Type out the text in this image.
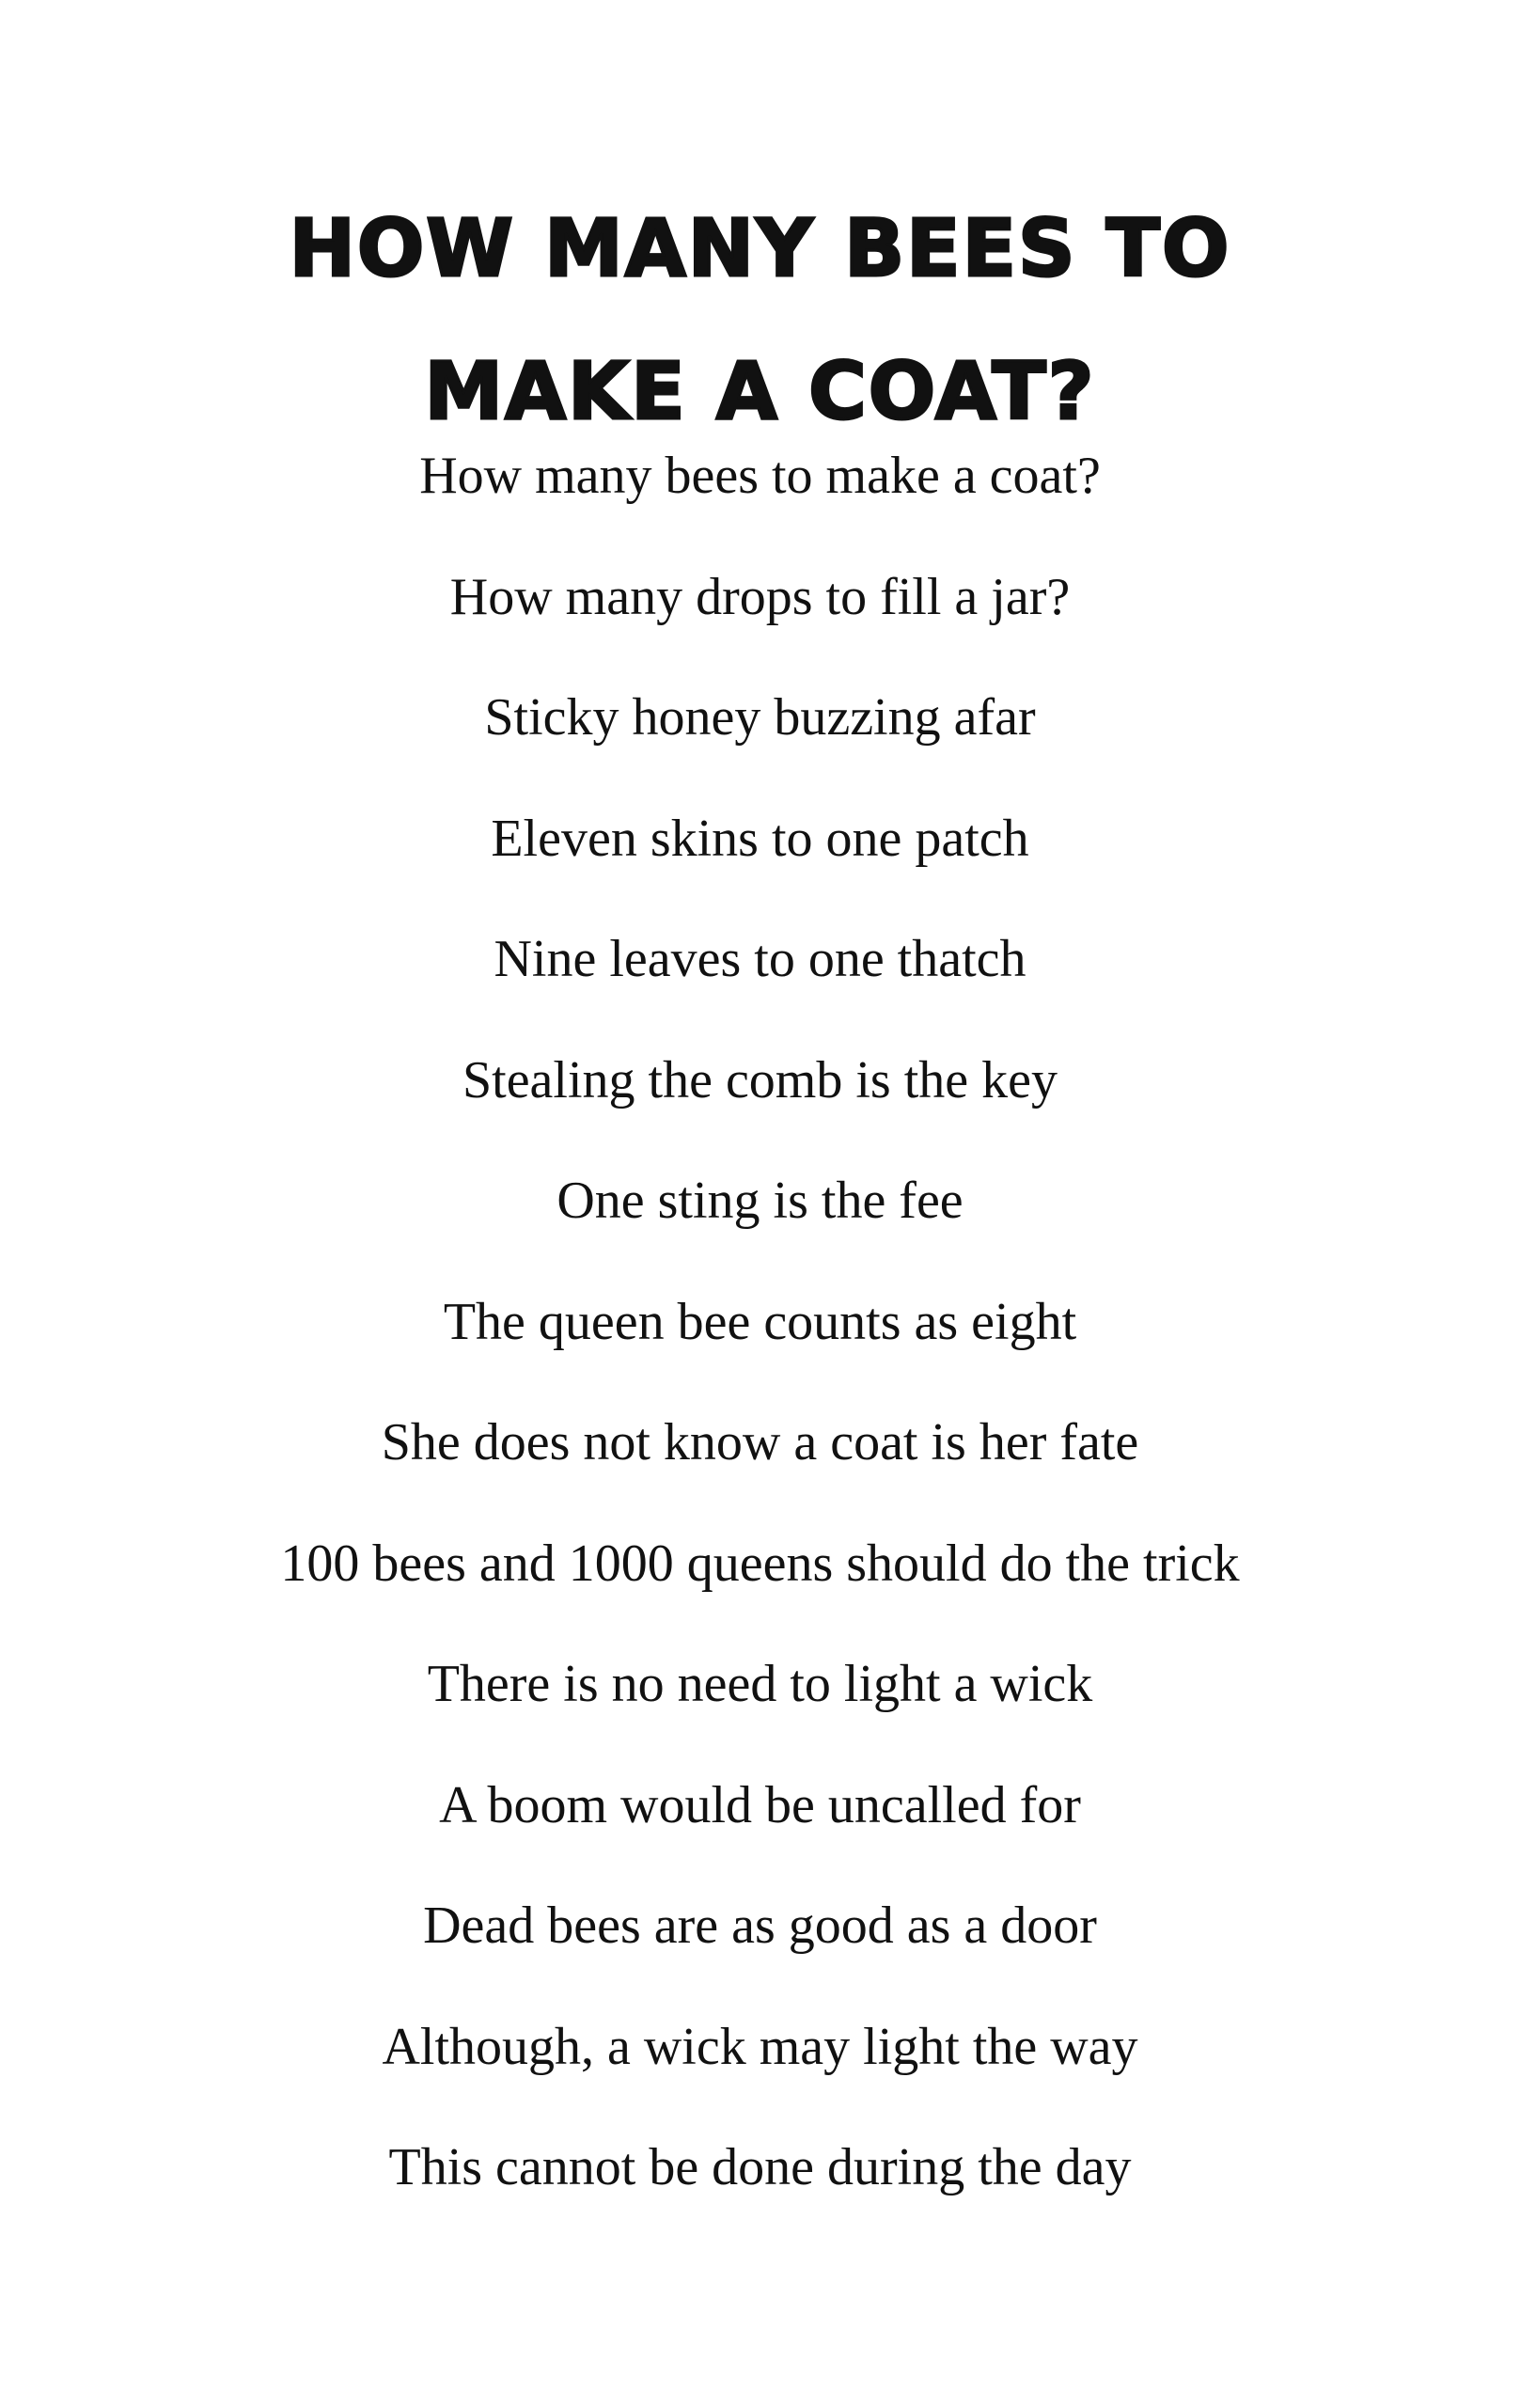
HOW MANY BEES TO
MAKE A COAT?
How many bees to make a coat?
How many drops to fill a jar?
Sticky honey buzzing afar
Eleven skins to one patch
Nine leaves to one thatch
Stealing the comb is the key
One sting is the fee
The queen bee counts as eight
She does not know a coat is her fate
100 bees and 1000 queens should do the trick
There is no need to light a wick
A boom would be uncalled for
Dead bees are as good as a door
Although, a wick may light the way
This cannot be done during the day
